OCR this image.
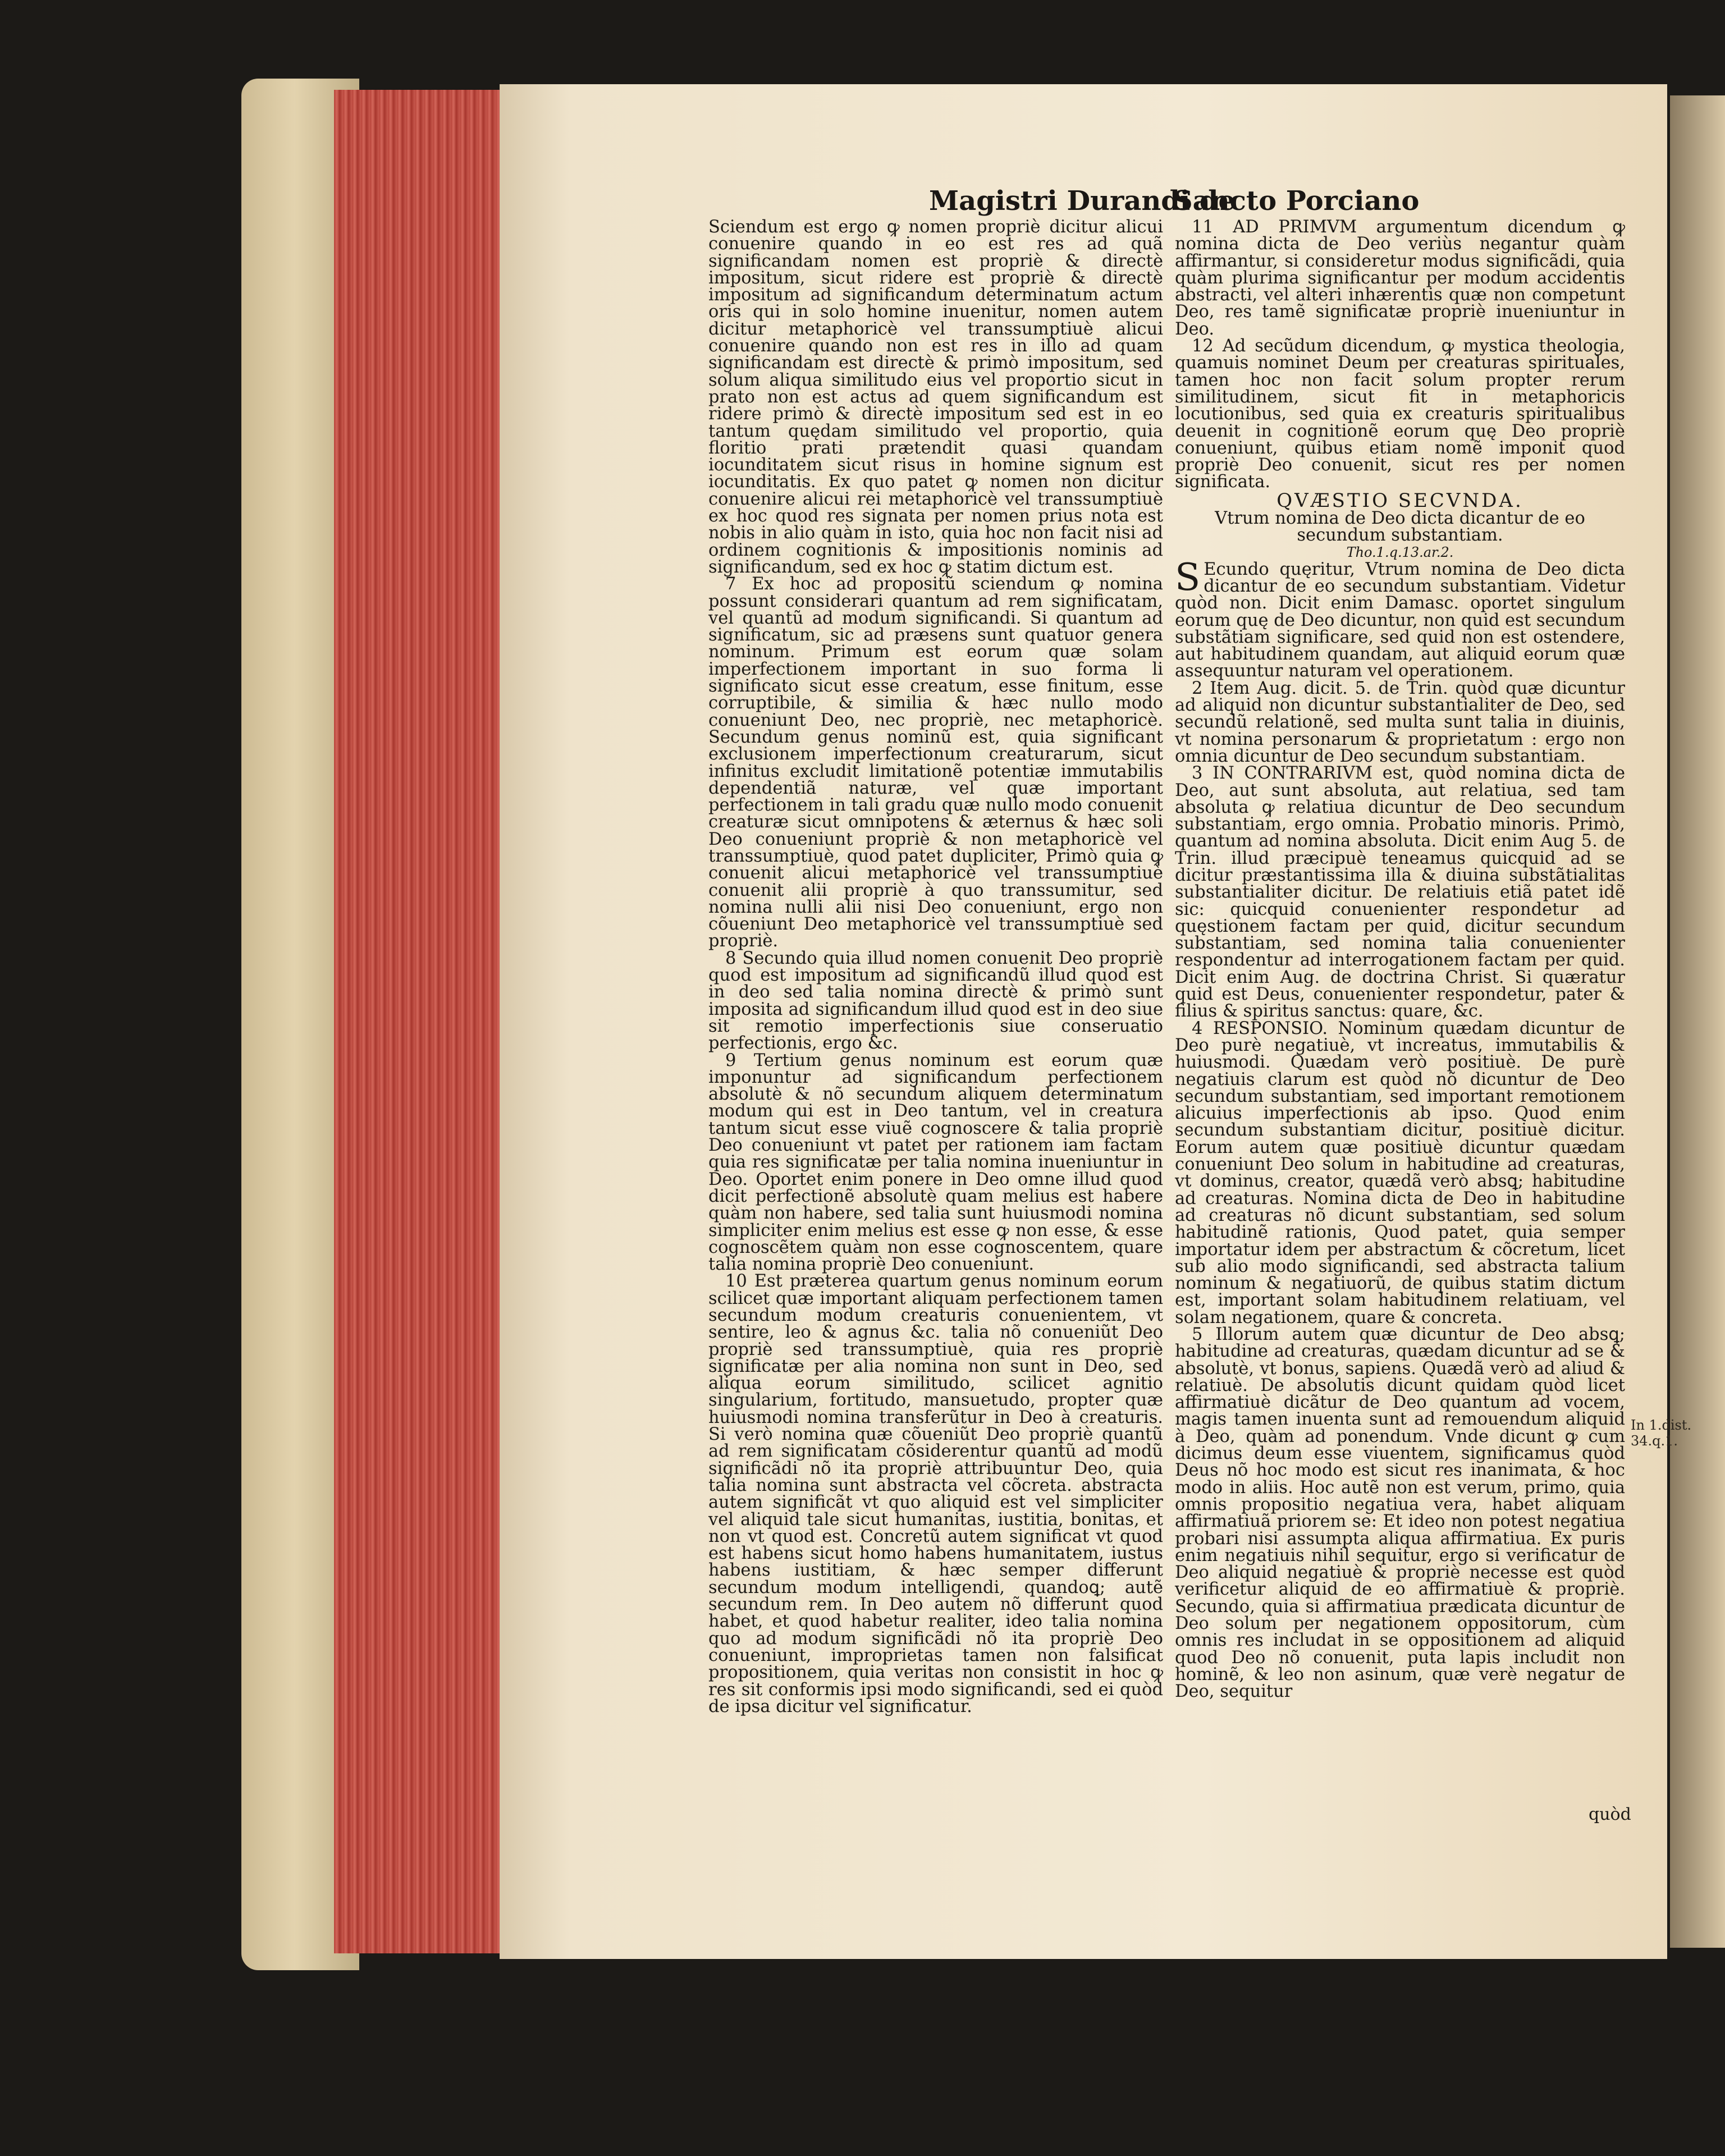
Magistri Durandi de
Sancto Porciano

Sciendum est ergo ꝙ nomen propriè dicitur alicui conuenire quando in eo est res ad quã significandam nomen est propriè & directè impositum, sicut ridere est propriè & directè impositum ad significandum determinatum actum oris qui in solo homine inuenitur, nomen autem dicitur metaphoricè vel transsumptiuè alicui conuenire quando non est res in illo ad quam significandam est directè & primò impositum, sed solum aliqua similitudo eius vel proportio sicut in prato non est actus ad quem significandum est ridere primò & directè impositum sed est in eo tantum quędam similitudo vel proportio, quia floritio prati prætendit quasi quandam iocunditatem sicut risus in homine signum est iocunditatis. Ex quo patet ꝙ nomen non dicitur conuenire alicui rei metaphoricè vel transsumptiuè ex hoc quod res signata per nomen prius nota est nobis in alio quàm in isto, quia hoc non facit nisi ad ordinem cognitionis & impositionis nominis ad significandum, sed ex hoc ꝙ statim dictum est.

7 Ex hoc ad propositũ sciendum ꝙ nomina possunt considerari quantum ad rem significatam, vel quantũ ad modum significandi. Si quantum ad significatum, sic ad præsens sunt quatuor genera nominum. Primum est eorum quæ solam imperfectionem important in suo forma li significato sicut esse creatum, esse finitum, esse corruptibile, & similia & hæc nullo modo conueniunt Deo, nec propriè, nec metaphoricè. Secundum genus nominũ est, quia significant exclusionem imperfectionum creaturarum, sicut infinitus excludit limitationẽ potentiæ immutabilis dependentiã naturæ, vel quæ important perfectionem in tali gradu quæ nullo modo conuenit creaturæ sicut omnipotens & æternus & hæc soli Deo conueniunt propriè & non metaphoricè vel transsumptiuè, quod patet dupliciter, Primò quia ꝙ conuenit alicui metaphoricè vel transsumptiuè conuenit alii propriè à quo transsumitur, sed nomina nulli alii nisi Deo conueniunt, ergo non cõueniunt Deo metaphoricè vel transsumptiuè sed propriè.

8 Secundo quia illud nomen conuenit Deo propriè quod est impositum ad significandũ illud quod est in deo sed talia nomina directè & primò sunt imposita ad significandum illud quod est in deo siue sit remotio imperfectionis siue conseruatio perfectionis, ergo &c.

9 Tertium genus nominum est eorum quæ imponuntur ad significandum perfectionem absolutè & nõ secundum aliquem determinatum modum qui est in Deo tantum, vel in creatura tantum sicut esse viuẽ cognoscere & talia propriè Deo conueniunt vt patet per rationem iam factam quia res significatæ per talia nomina inueniuntur in Deo. Oportet enim ponere in Deo omne illud quod dicit perfectionẽ absolutè quam melius est habere quàm non habere, sed talia sunt huiusmodi nomina simpliciter enim melius est esse ꝙ non esse, & esse cognoscẽtem quàm non esse cognoscentem, quare talia nomina propriè Deo conueniunt.

10 Est præterea quartum genus nominum eorum scilicet quæ important aliquam perfectionem tamen secundum modum creaturis conuenientem, vt sentire, leo & agnus &c. talia nõ conueniũt Deo propriè sed transsumptiuè, quia res propriè significatæ per alia nomina non sunt in Deo, sed aliqua eorum similitudo, scilicet agnitio singularium, fortitudo, mansuetudo, propter quæ huiusmodi nomina transferũtur in Deo à creaturis. Si verò nomina quæ cõueniũt Deo propriè quantũ ad rem significatam cõsiderentur quantũ ad modũ significãdi nõ ita propriè attribuuntur Deo, quia talia nomina sunt abstracta vel cõcreta. abstracta autem significãt vt quo aliquid est vel simpliciter vel aliquid tale sicut humanitas, iustitia, bonitas, et non vt quod est. Concretũ autem significat vt quod est habens sicut homo habens humanitatem, iustus habens iustitiam, & hæc semper differunt secundum modum intelligendi, quandoꝗ; autẽ secundum rem. In Deo autem nõ differunt quod habet, et quod habetur realiter, ideo talia nomina quo ad modum significãdi nõ ita propriè Deo conueniunt, improprietas tamen non falsificat propositionem, quia veritas non consistit in hoc ꝙ res sit conformis ipsi modo significandi, sed ei quòd de ipsa dicitur vel significatur.

11 AD PRIMVM argumentum dicendum ꝙ nomina dicta de Deo veriùs negantur quàm affirmantur, si consideretur modus significãdi, quia quàm plurima significantur per modum accidentis abstracti, vel alteri inhærentis quæ non competunt Deo, res tamẽ significatæ propriè inueniuntur in Deo.

12 Ad secũdum dicendum, ꝙ mystica theologia, quamuis nominet Deum per creaturas spirituales, tamen hoc non facit solum propter rerum similitudinem, sicut fit in metaphoricis locutionibus, sed quia ex creaturis spiritualibus deuenit in cognitionẽ eorum quę Deo propriè conueniunt, quibus etiam nomẽ imponit quod propriè Deo conuenit, sicut res per nomen significata.

QVÆSTIO SECVNDA.
Vtrum nomina de Deo dicta dicantur de eo secundum substantiam.

Tho.1.q.13.ar.2.

S Ecundo quęritur, Vtrum nomina de Deo dicta dicantur de eo secundum substantiam. Videtur quòd non. Dicit enim Damasc. oportet singulum eorum quę de Deo dicuntur, non quid est secundum substãtiam significare, sed quid non est ostendere, aut habitudinem quandam, aut aliquid eorum quæ assequuntur naturam vel operationem.

2 Item Aug. dicit. 5. de Trin. quòd quæ dicuntur ad aliquid non dicuntur substantialiter de Deo, sed secundũ relationẽ, sed multa sunt talia in diuinis, vt nomina personarum & proprietatum : ergo non omnia dicuntur de Deo secundum substantiam.

3 IN CONTRARIVM est, quòd nomina dicta de Deo, aut sunt absoluta, aut relatiua, sed tam absoluta ꝙ relatiua dicuntur de Deo secundum substantiam, ergo omnia. Probatio minoris. Primò, quantum ad nomina absoluta. Dicit enim Aug 5. de Trin. illud præcipuè teneamus quicquid ad se dicitur præstantissima illa & diuina substãtialitas substantialiter dicitur. De relatiuis etiã patet idẽ sic: quicquid conuenienter respondetur ad quęstionem factam per quid, dicitur secundum substantiam, sed nomina talia conuenienter respondentur ad interrogationem factam per quid. Dicit enim Aug. de doctrina Christ. Si quæratur quid est Deus, conuenienter respondetur, pater & filius & spiritus sanctus: quare, &c.

4 RESPONSIO. Nominum quædam dicuntur de Deo purè negatiuè, vt increatus, immutabilis & huiusmodi. Quædam verò positiuè. De purè negatiuis clarum est quòd nõ dicuntur de Deo secundum substantiam, sed important remotionem alicuius imperfectionis ab ipso. Quod enim secundum substantiam dicitur, positiuè dicitur. Eorum autem quæ positiuè dicuntur quædam conueniunt Deo solum in habitudine ad creaturas, vt dominus, creator, quædã verò absꝗ; habitudine ad creaturas. Nomina dicta de Deo in habitudine ad creaturas nõ dicunt substantiam, sed solum habitudinẽ rationis, Quod patet, quia semper importatur idem per abstractum & cõcretum, licet sub alio modo significandi, sed abstracta talium nominum & negatiuorũ, de quibus statim dictum est, important solam habitudinem relatiuam, vel solam negationem, quare & concreta.

5 Illorum autem quæ dicuntur de Deo absꝗ; habitudine ad creaturas, quædam dicuntur ad se & absolutè, vt bonus, sapiens. Quædã verò ad aliud & relatiuè. De absolutis dicunt quidam quòd licet affirmatiuè dicãtur de Deo quantum ad vocem, magis tamen inuenta sunt ad remouendum aliquid à Deo, quàm ad ponendum. Vnde dicunt ꝙ cum dicimus deum esse viuentem, significamus quòd Deus nõ hoc modo est sicut res inanimata, & hoc modo in aliis. Hoc autẽ non est verum, primo, quia omnis propositio negatiua vera, habet aliquam affirmatiuã priorem se: Et ideo non potest negatiua probari nisi assumpta aliqua affirmatiua. Ex puris enim negatiuis nihil sequitur, ergo si verificatur de Deo aliquid negatiuè & propriè necesse est quòd verificetur aliquid de eo affirmatiuè & propriè. Secundo, quia si affirmatiua prædicata dicuntur de Deo solum per negationem oppositorum, cùm omnis res includat in se oppositionem ad aliquid quod Deo nõ conuenit, puta lapis includit non hominẽ, & leo non asinum, quæ verè negatur de Deo, sequitur

quòd
In 1.dist.
34.q.1.
